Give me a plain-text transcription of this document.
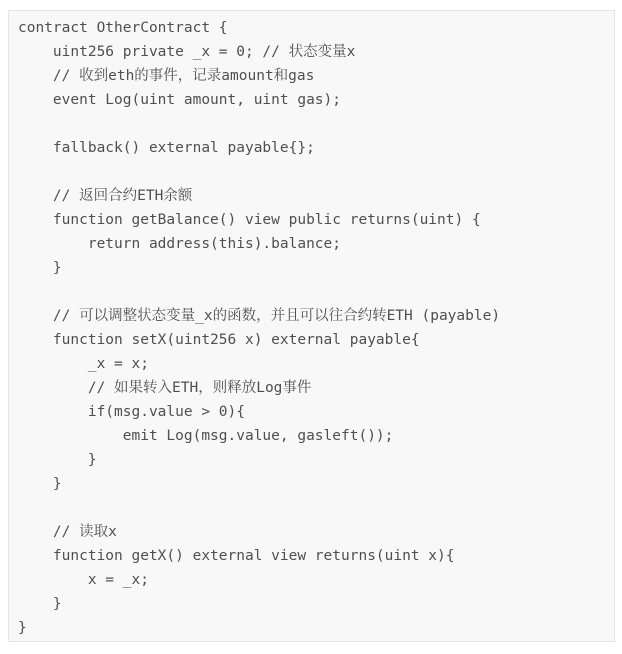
contract OtherContract {
uint256 private _x = 0; // 状态变量x
// 收到eth的事件，记录amount和gas
event Log(uint amount, uint gas);
fallback() external payable{};
// 返回合约ETH余额
function getBalance() view public returns(uint) {
return address(this).balance;
}
// 可以调整状态变量_x的函数，并且可以往合约转ETH (payable)
function setX(uint256 x) external payable{
_x = x;
// 如果转入ETH，则释放Log事件
if(msg.value > 0){
emit Log(msg.value, gasleft());
}
}
// 读取x
function getX() external view returns(uint x){
x = _x;
}
}
